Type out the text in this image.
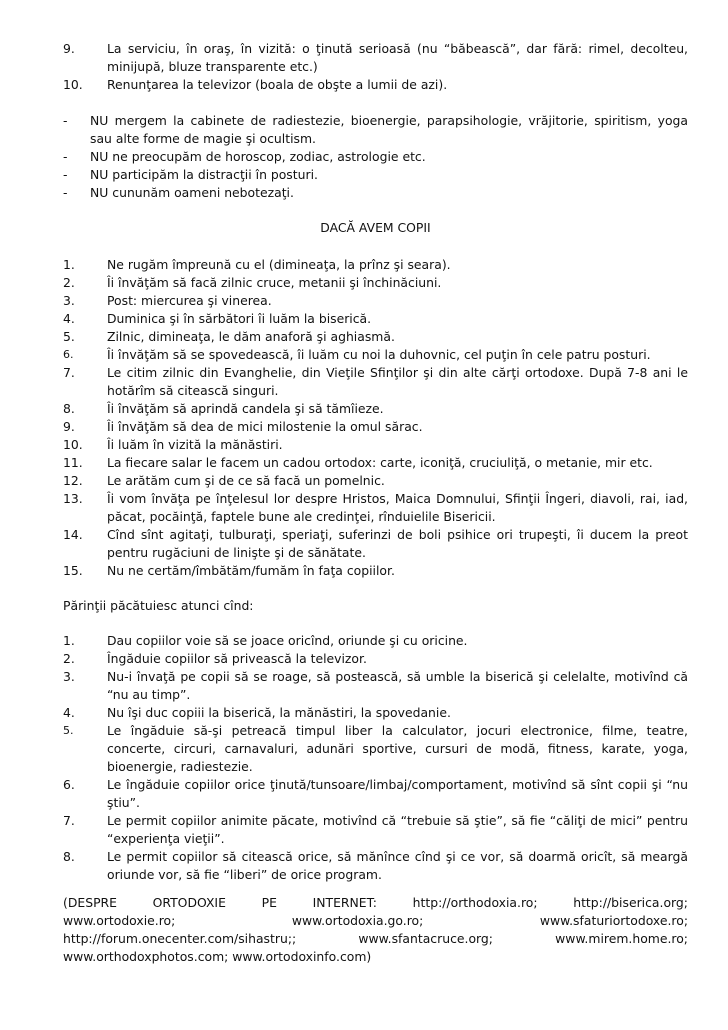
9.	La serviciu, în oraş, în vizită: o ţinută serioasă (nu “băbească”, dar fără: rimel, decolteu, minijupă, bluze transparente etc.)
10. Renunţarea la televizor (boala de obşte a lumii de azi).
- NU mergem la cabinete de radiestezie, bioenergie, parapsihologie, vrăjitorie, spiritism, yoga sau alte forme de magie şi ocultism.
- NU ne preocupăm de horoscop, zodiac, astrologie etc.
- NU participăm la distracţii în posturi.
- NU cununăm oameni nebotezaţi.
DACĂ AVEM COPII
1.	Ne rugăm împreună cu el (dimineaţa, la prînz şi seara).
2.	Îi învăţăm să facă zilnic cruce, metanii şi închinăciuni.
3.	Post: miercurea şi vinerea.
4.	Duminica şi în sărbători îi luăm la biserică.
5.	Zilnic, dimineaţa, le dăm anaforă şi aghiasmă.
6.	Îi învăţăm să se spovedească, îi luăm cu noi la duhovnic, cel puţin în cele patru posturi.
7.	Le citim zilnic din Evanghelie, din Vieţile Sfinţilor şi din alte cărţi ortodoxe. După 7-8 ani le hotărîm să citească singuri.
8.	Îi învăţăm să aprindă candela şi să tămîieze.
9.	Îi învăţăm să dea de mici milostenie la omul sărac.
10. Îi luăm în vizită la mănăstiri.
11. La fiecare salar le facem un cadou ortodox: carte, iconiţă, cruciuliţă, o metanie, mir etc.
12. Le arătăm cum şi de ce să facă un pomelnic.
13. Îi vom învăţa pe înţelesul lor despre Hristos, Maica Domnului, Sfinţii Îngeri, diavoli, rai, iad, păcat, pocăinţă, faptele bune ale credinţei, rînduielile Bisericii.
14. Cînd sînt agitaţi, tulburaţi, speriaţi, suferinzi de boli psihice ori trupeşti, îi ducem la preot pentru rugăciuni de linişte şi de sănătate.
15. Nu ne certăm/îmbătăm/fumăm în faţa copiilor.
Părinţii păcătuiesc atunci cînd:
1.	Dau copiilor voie să se joace oricînd, oriunde şi cu oricine.
2.	Îngăduie copiilor să privească la televizor.
3.	Nu-i învaţă pe copii să se roage, să postească, să umble la biserică şi celelalte, motivînd că “nu au timp”.
4.	Nu îşi duc copiii la biserică, la mănăstiri, la spovedanie.
5.	Le îngăduie să-şi petreacă timpul liber la calculator, jocuri electronice, filme, teatre, concerte, circuri, carnavaluri, adunări sportive, cursuri de modă, fitness, karate, yoga, bioenergie, radiestezie.
6.	Le îngăduie copiilor orice ţinută/tunsoare/limbaj/comportament, motivînd să sînt copii şi “nu ştiu”.
7.	Le permit copiilor animite păcate, motivînd că “trebuie să ştie”, să fie “căliţi de mici” pentru “experienţa vieţii”.
8.	Le permit copiilor să citească orice, să mănînce cînd şi ce vor, să doarmă oricît, să meargă oriunde vor, să fie “liberi” de orice program.
(DESPRE	ORTODOXIE	PE	INTERNET:	http://orthodoxia.ro;	http://biserica.org;
www.ortodoxie.ro;	www.ortodoxia.go.ro;	www.sfaturiortodoxe.ro;
http://forum.onecenter.com/sihastru;;	www.sfantacruce.org;	www.mirem.home.ro;
www.orthodoxphotos.com; www.ortodoxinfo.com)
